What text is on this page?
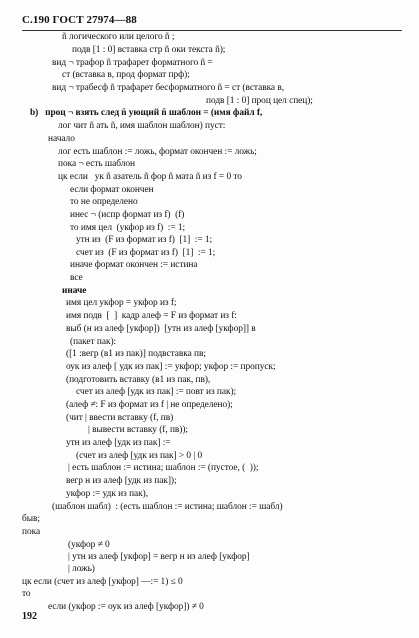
С.190 ГОСТ 27974—88
ñ логического или целого ñ ;
подв [1 : 0] вставка стр ñ оки текста ñ);
вид ¬ трафор ñ трафарет форматного ñ =
ст (вставка в, прод формат прф);
вид ¬ трабесф ñ трафарет бесформатного ñ = ст (вставка в,
подв [1 : 0] проц цел спец);
b)   проц ¬ взять след ñ ующий ñ шаблон = (имя файл f,
лог чит ñ ать ñ, имя шаблон шаблон) пуст:
начало
лог есть шаблон := ложь, формат окончен := ложь;
пока ¬ есть шаблон
цк если   ук ñ азатель ñ фор ñ мата ñ из f = 0 то
если формат окончен
то не определено
инес ¬ (испр формат из f)  (f)
то имя цел  (укфор из f)  := 1;
утн из  (F из формат из f)  [1]  := 1;
счет из  (F из формат из f)  [1]  := 1;
иначе формат окончен := истина
все
иначе
имя цел укфор = укфор из f;
имя подв  [  ]  кадр алеф = F из формат из f:
выб (н из алеф [укфор])  [утн из алеф [укфор]] в
(пакет пак):
([1 :вегр (в1 из пак)] подвставка пв;
оук из алеф [ удк из пак] := укфор; укфор := пропуск;
(подготовить вставку (в1 из пак, пв),
счет из алеф [удк из пак] := повт из пак);
(алеф ≠: F из формат из f | не определено);
(чит | ввести вставку (f, пв)
| вывести вставку (f, пв));
утн из алеф [удк из пак] :=
(счет из алеф [удк из пак] > 0 | 0
| есть шаблон := истина; шаблон := (пустое, (  ));
вегр н из алеф [удк из пак]);
укфор := удк из пак),
(шаблон шабл)  : (есть шаблон := истина; шаблон := шабл)
быв;
пока
(укфор ≠ 0
| утн из алеф [укфор] = вегр н из алеф [укфор]
| ложь)
цк если (счет из алеф [укфор] —:= 1) ≤ 0
то
если (укфор := оук из алеф [укфор]) ≠ 0
192
